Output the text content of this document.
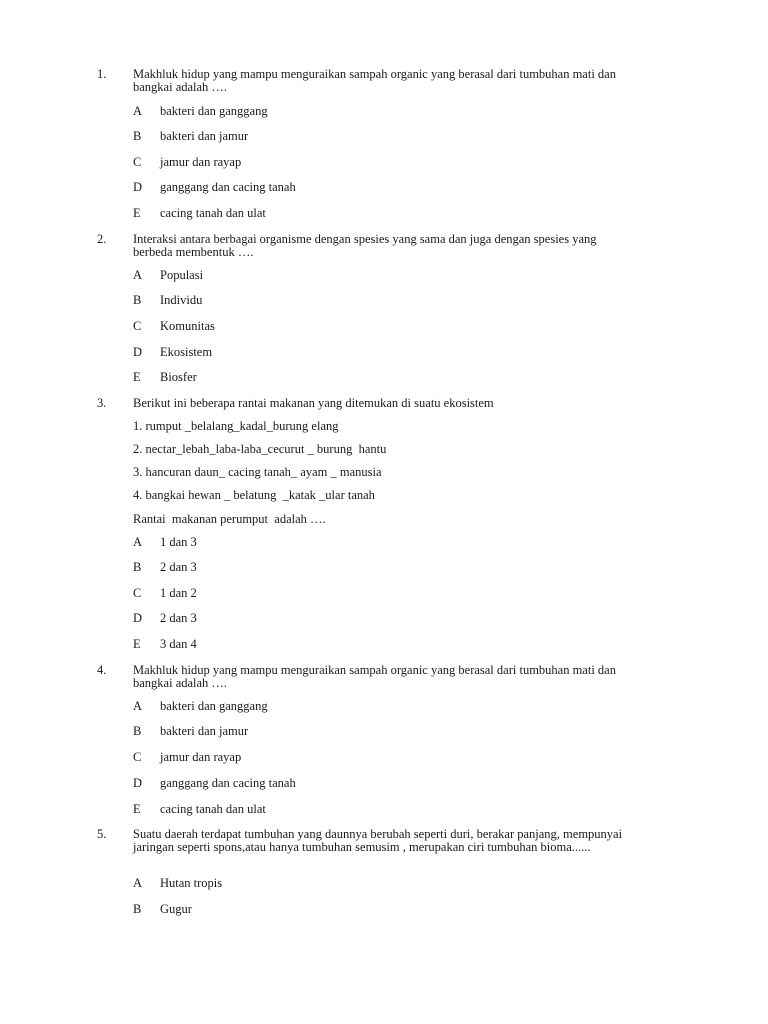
1. Makhluk hidup yang mampu menguraikan sampah organic yang berasal dari tumbuhan mati dan bangkai adalah ….
A bakteri dan ganggang
B bakteri dan jamur
C jamur dan rayap
D ganggang dan cacing tanah
E cacing tanah dan ulat
2. Interaksi antara berbagai organisme dengan spesies yang sama dan juga dengan spesies yang berbeda membentuk ….
A Populasi
B Individu
C Komunitas
D Ekosistem
E Biosfer
3. Berikut ini beberapa rantai makanan yang ditemukan di suatu ekosistem
1. rumput _belalang_kadal_burung elang
2. nectar_lebah_laba-laba_cecurut _ burung  hantu
3. hancuran daun_ cacing tanah_ ayam _ manusia
4. bangkai hewan _ belatung  _katak _ular tanah
Rantai  makanan perumput  adalah ….
A 1 dan 3
B 2 dan 3
C 1 dan 2
D 2 dan 3
E 3 dan 4
4. Makhluk hidup yang mampu menguraikan sampah organic yang berasal dari tumbuhan mati dan bangkai adalah ….
A bakteri dan ganggang
B bakteri dan jamur
C jamur dan rayap
D ganggang dan cacing tanah
E cacing tanah dan ulat
5. Suatu daerah terdapat tumbuhan yang daunnya berubah seperti duri, berakar panjang, mempunyai jaringan seperti spons,atau hanya tumbuhan semusim , merupakan ciri tumbuhan bioma......
A Hutan tropis
B Gugur
